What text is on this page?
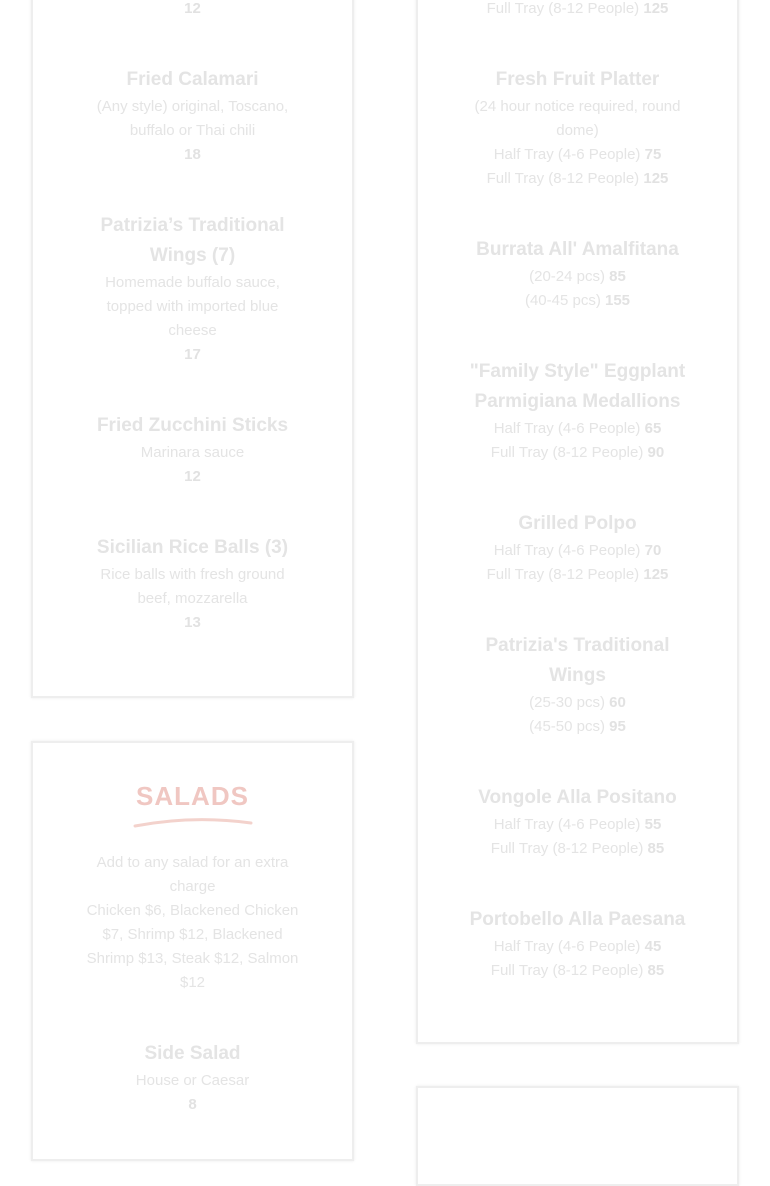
12
Fried Calamari
(Any style) original, Toscano, buffalo or Thai chili
18
Patrizia’s Traditional Wings (7)
Homemade buffalo sauce, topped with imported blue cheese
17
Fried Zucchini Sticks
Marinara sauce
12
Sicilian Rice Balls (3)
Rice balls with fresh ground beef, mozzarella
13
SALADS
Add to any salad for an extra charge
Chicken $6, Blackened Chicken $7, Shrimp $12, Blackened Shrimp $13, Steak $12, Salmon $12
Side Salad
House or Caesar
8
Full Tray (8-12 People) 125
Fresh Fruit Platter
(24 hour notice required, round dome)
Half Tray (4-6 People) 75
Full Tray (8-12 People) 125
Burrata All' Amalfitana
(20-24 pcs) 85
(40-45 pcs) 155
"Family Style" Eggplant Parmigiana Medallions
Half Tray (4-6 People) 65
Full Tray (8-12 People) 90
Grilled Polpo
Half Tray (4-6 People) 70
Full Tray (8-12 People) 125
Patrizia's Traditional Wings
(25-30 pcs) 60
(45-50 pcs) 95
Vongole Alla Positano
Half Tray (4-6 People) 55
Full Tray (8-12 People) 85
Portobello Alla Paesana
Half Tray (4-6 People) 45
Full Tray (8-12 People) 85
